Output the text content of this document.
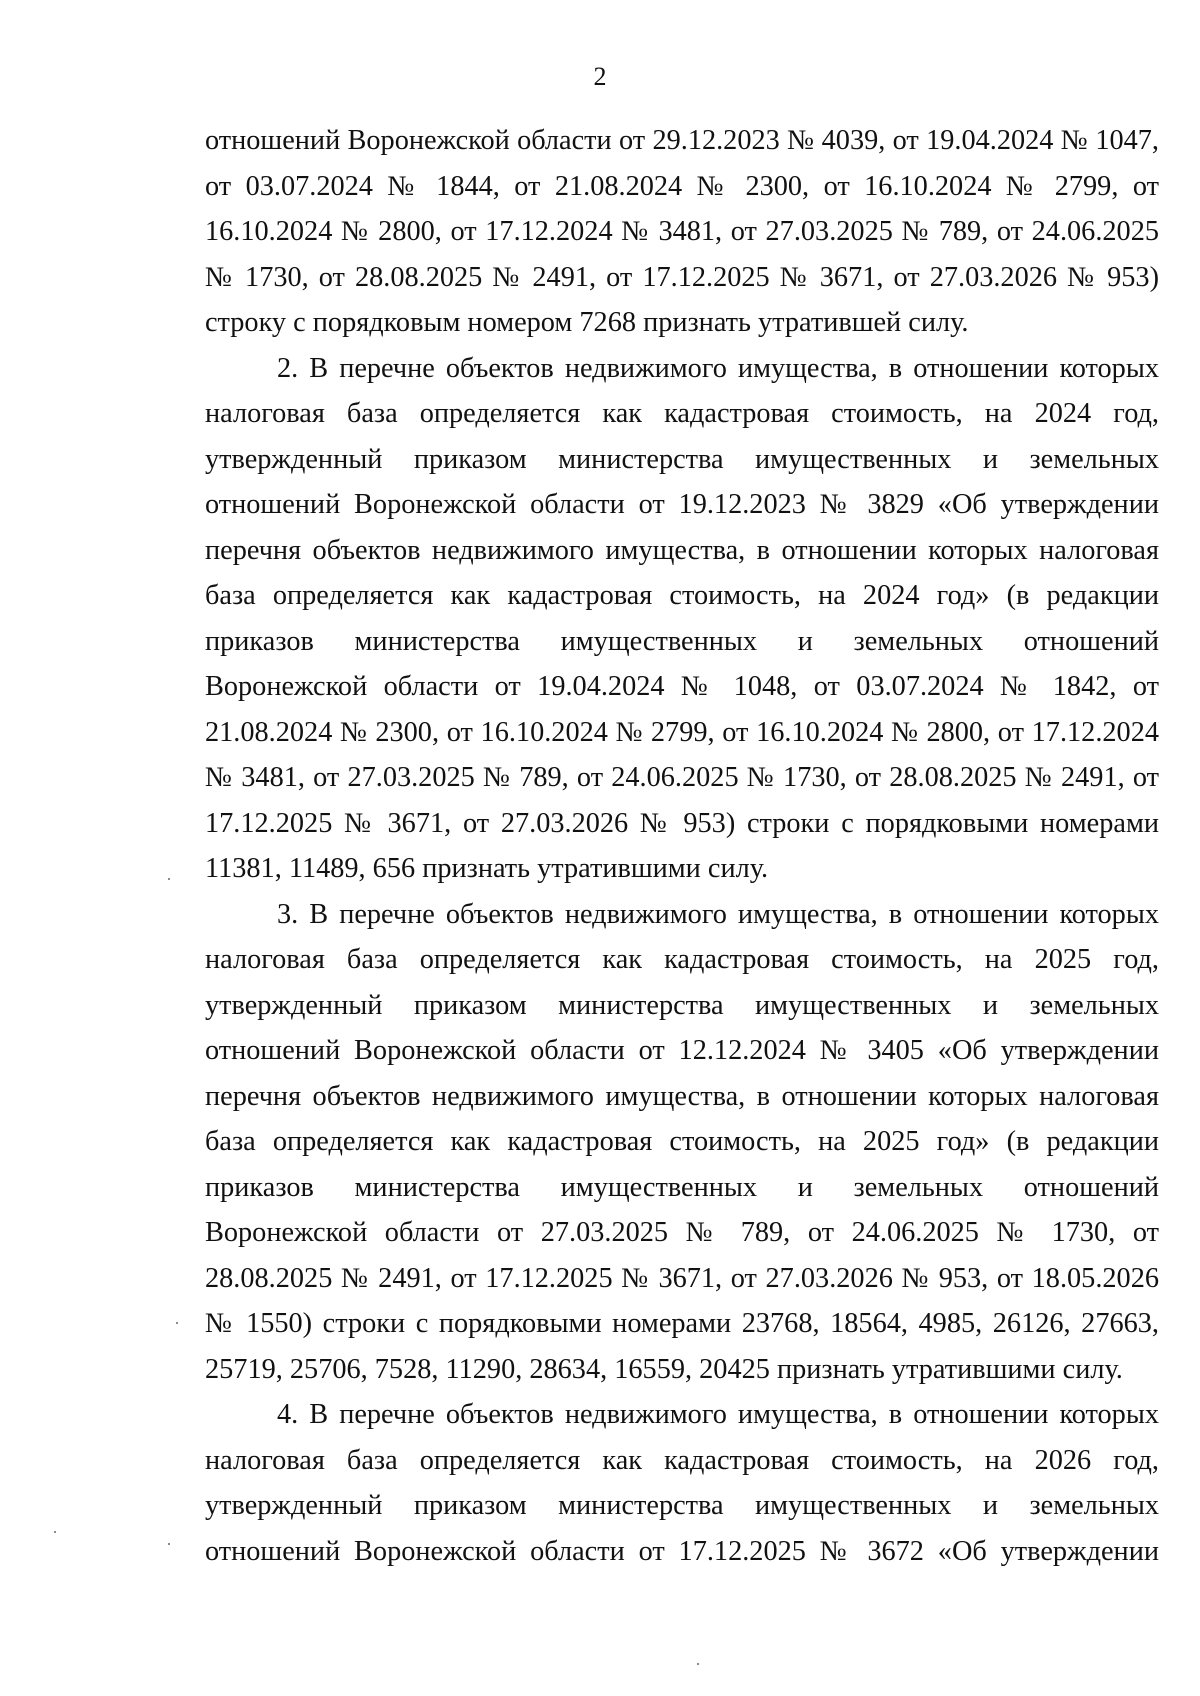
2

отношений Воронежской области от 29.12.2023 № 4039, от 19.04.2024 № 1047,

от 03.07.2024 № 1844, от 21.08.2024 № 2300, от 16.10.2024 № 2799, от

16.10.2024 № 2800, от 17.12.2024 № 3481, от 27.03.2025 № 789, от 24.06.2025

№ 1730, от 28.08.2025 № 2491, от 17.12.2025 № 3671, от 27.03.2026 № 953)

строку с порядковым номером 7268 признать утратившей силу.

2. В перечне объектов недвижимого имущества, в отношении которых

налоговая база определяется как кадастровая стоимость, на 2024 год,

утвержденный приказом министерства имущественных и земельных

отношений Воронежской области от 19.12.2023 № 3829 «Об утверждении

перечня объектов недвижимого имущества, в отношении которых налоговая

база определяется как кадастровая стоимость, на 2024 год» (в редакции

приказов министерства имущественных и земельных отношений

Воронежской области от 19.04.2024 № 1048, от 03.07.2024 № 1842, от

21.08.2024 № 2300, от 16.10.2024 № 2799, от 16.10.2024 № 2800, от 17.12.2024

№ 3481, от 27.03.2025 № 789, от 24.06.2025 № 1730, от 28.08.2025 № 2491, от

17.12.2025 № 3671, от 27.03.2026 № 953) строки с порядковыми номерами

11381, 11489, 656 признать утратившими силу.

3. В перечне объектов недвижимого имущества, в отношении которых

налоговая база определяется как кадастровая стоимость, на 2025 год,

утвержденный приказом министерства имущественных и земельных

отношений Воронежской области от 12.12.2024 № 3405 «Об утверждении

перечня объектов недвижимого имущества, в отношении которых налоговая

база определяется как кадастровая стоимость, на 2025 год» (в редакции

приказов министерства имущественных и земельных отношений

Воронежской области от 27.03.2025 № 789, от 24.06.2025 № 1730, от

28.08.2025 № 2491, от 17.12.2025 № 3671, от 27.03.2026 № 953, от 18.05.2026

№ 1550) строки с порядковыми номерами 23768, 18564, 4985, 26126, 27663,

25719, 25706, 7528, 11290, 28634, 16559, 20425 признать утратившими силу.

4. В перечне объектов недвижимого имущества, в отношении которых

налоговая база определяется как кадастровая стоимость, на 2026 год,

утвержденный приказом министерства имущественных и земельных

отношений Воронежской области от 17.12.2025 № 3672 «Об утверждении
